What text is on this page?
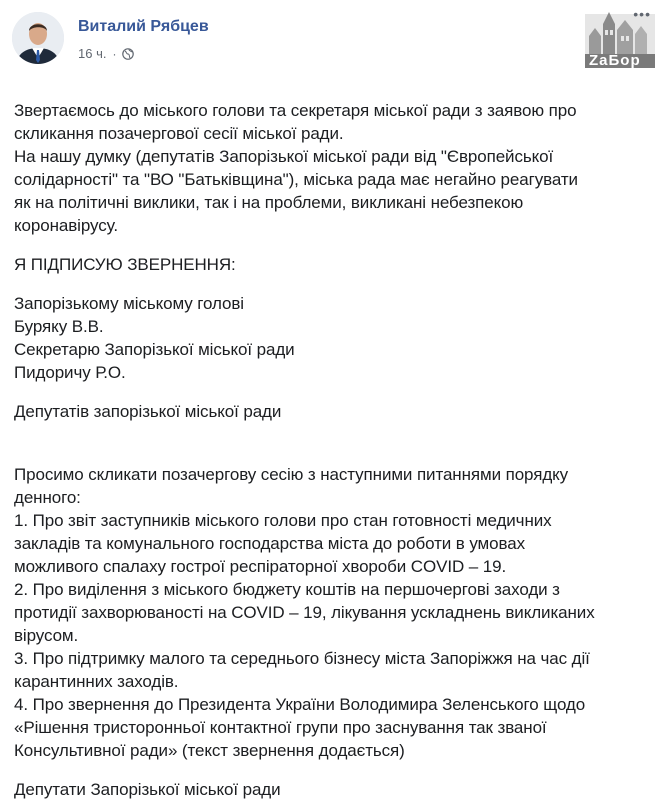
Виталий Рябцев
16 ч. ·	ZaБор
•••

Звертаємось до міського голови та секретаря міської ради з заявою про

скликання позачергової сесії міської ради.

На нашу думку (депутатів Запорізької міської ради від "Європейської

солідарності" та "ВО "Батьківщина"), міська рада має негайно реагувати

як на політичні виклики, так і на проблеми, викликані небезпекою

коронавірусу.

Я ПІДПИСУЮ ЗВЕРНЕННЯ:

Запорізькому міському голові

Буряку В.В.

Секретарю Запорізької міської ради

Пидоричу Р.О.

Депутатів запорізької міської ради

Просимо скликати позачергову сесію з наступними питаннями порядку

денного:

1. Про звіт заступників міського голови про стан готовності медичних

закладів та комунального господарства міста до роботи в умовах

можливого спалаху гострої респіраторної хвороби COVID – 19.

2. Про виділення з міського бюджету коштів на першочергові заходи з

протидії захворюваності на COVID – 19, лікування ускладнень викликаних

вірусом.

3. Про підтримку малого та середнього бізнесу міста Запоріжжя на час дії

карантинних заходів.

4. Про звернення до Президента України Володимира Зеленського щодо

«Рішення тристоронньої контактної групи про заснування так званої

Консультивної ради» (текст звернення додається)

Депутати Запорізької міської ради
